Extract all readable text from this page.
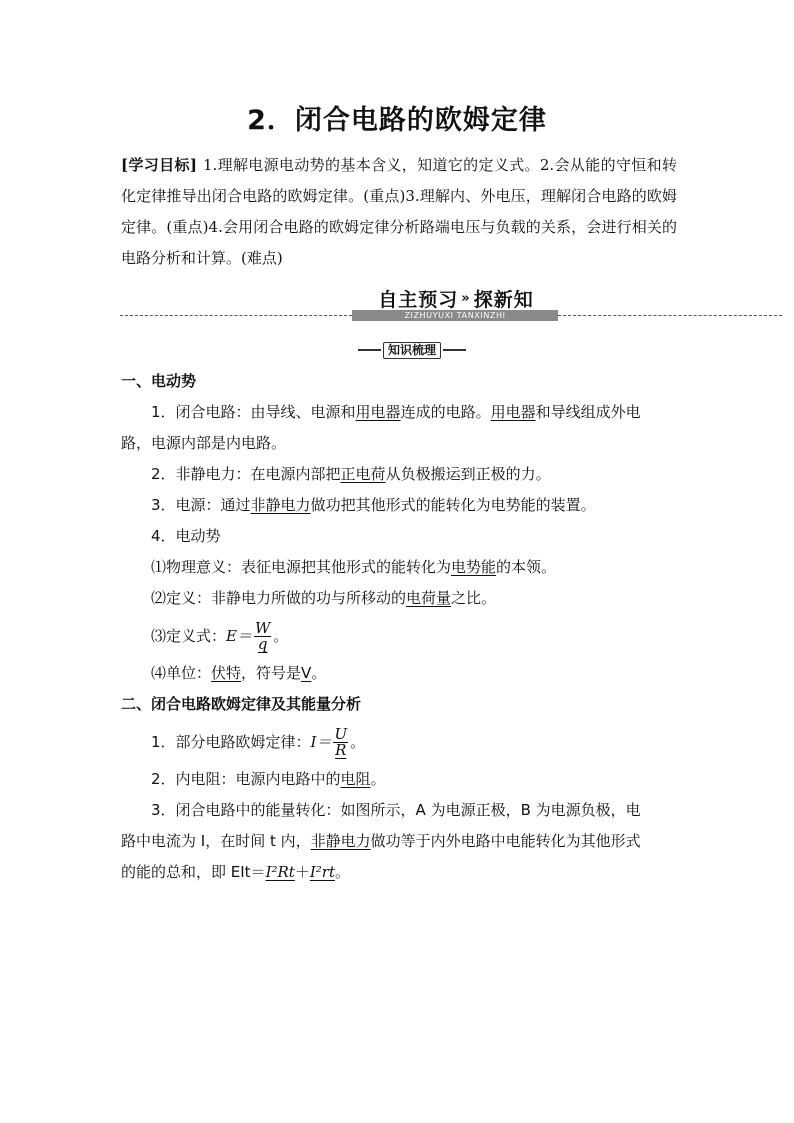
2．闭合电路的欧姆定律
[学习目标] 1.理解电源电动势的基本含义，知道它的定义式。2.会从能的守恒和转化定律推导出闭合电路的欧姆定律。(重点)3.理解内、外电压，理解闭合电路的欧姆定律。(重点)4.会用闭合电路的欧姆定律分析路端电压与负载的关系，会进行相关的电路分析和计算。(难点)
自主预习 » 探新知
ZIZHUYUXI TANXINZHI
知识梳理
一、电动势
1．闭合电路：由导线、电源和用电器连成的电路。用电器和导线组成外电
路，电源内部是内电路。
2．非静电力：在电源内部把正电荷从负极搬运到正极的力。
3．电源：通过非静电力做功把其他形式的能转化为电势能的装置。
4．电动势
⑴物理意义：表征电源把其他形式的能转化为电势能的本领。
⑵定义：非静电力所做的功与所移动的电荷量之比。
⑶定义式：$E= \frac{W}{q}$ 。
⑷单位：伏特，符号是V。
二、闭合电路欧姆定律及其能量分析
1．部分电路欧姆定律：$I= \frac{U}{R}$ 。
2．内电阻：电源内电路中的电阻。
3．闭合电路中的能量转化：如图所示，A 为电源正极，B 为电源负极，电
路中电流为 I，在时间 t 内，非静电力做功等于内外电路中电能转化为其他形式
的能的总和，即 EIt＝I²Rt＋I²rt。
